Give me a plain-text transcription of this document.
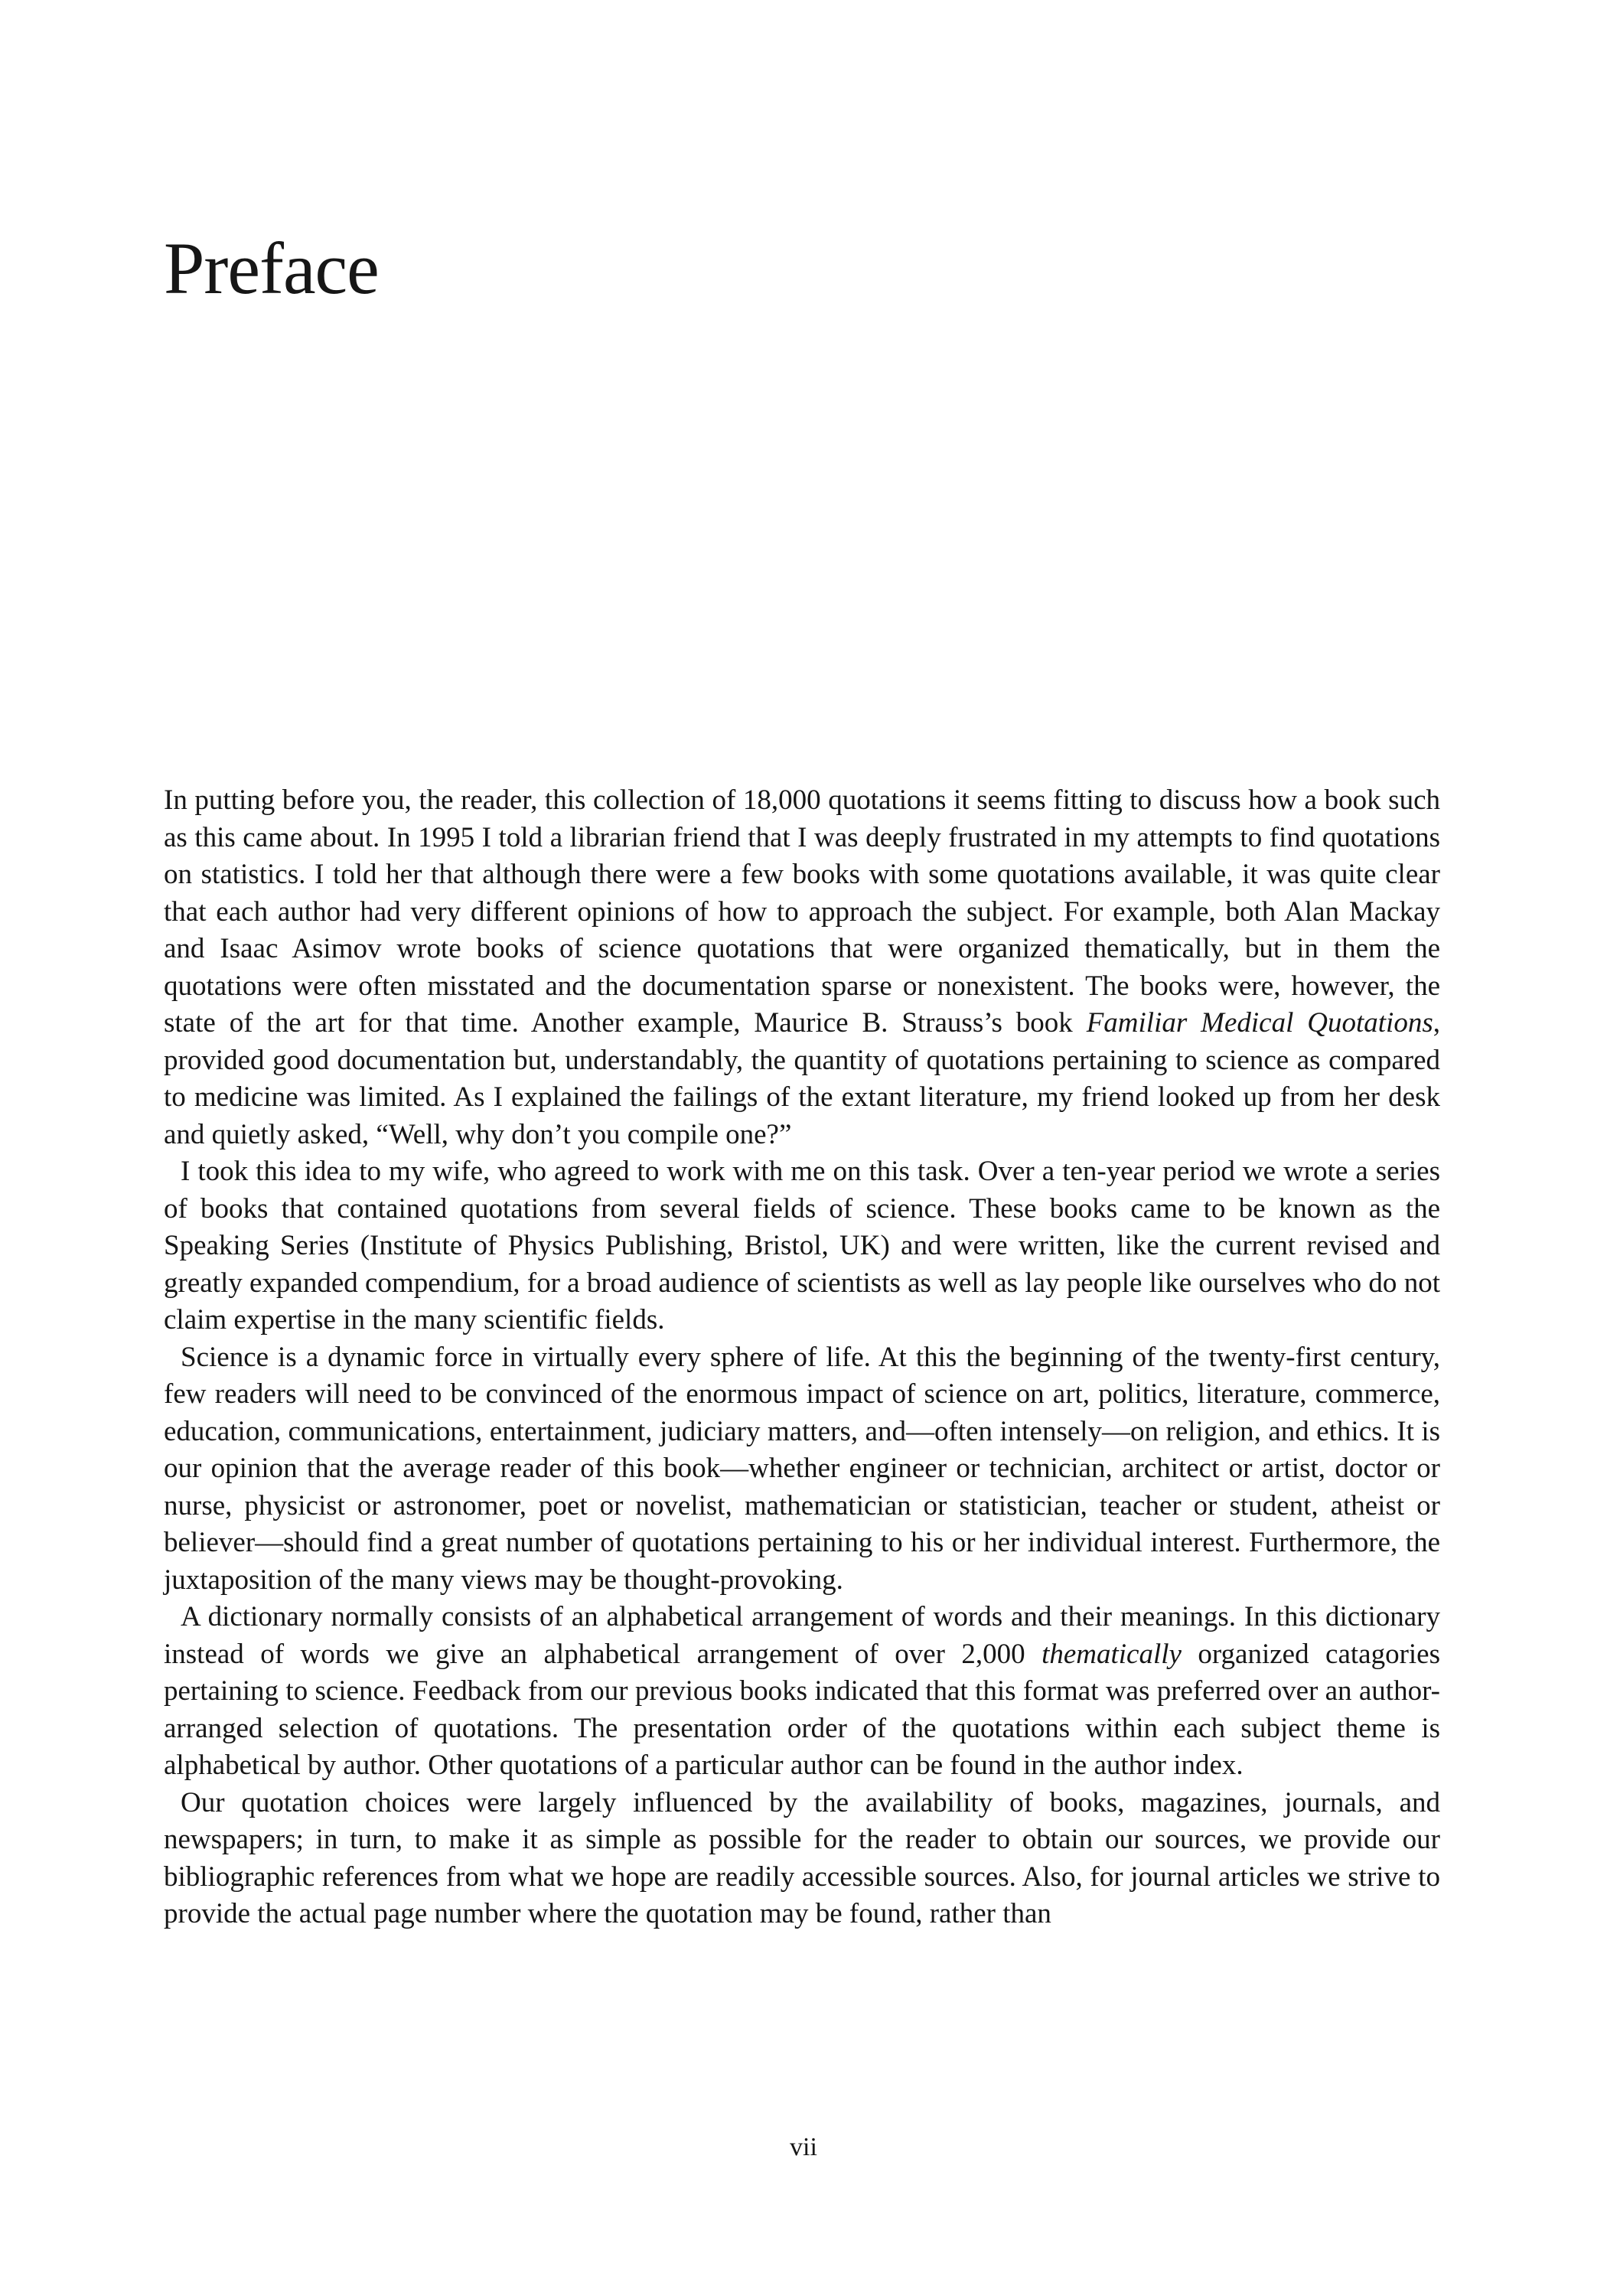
Preface

In putting before you, the reader, this collection of 18,000 quotations it seems fitting to discuss how a book such as this came about. In 1995 I told a librarian friend that I was deeply frustrated in my attempts to find quotations on statistics. I told her that although there were a few books with some quotations available, it was quite clear that each author had very different opinions of how to approach the subject. For example, both Alan Mackay and Isaac Asimov wrote books of science quotations that were organized thematically, but in them the quotations were often misstated and the documentation sparse or nonexistent. The books were, however, the state of the art for that time. Another example, Maurice B. Strauss’s book Familiar Medical Quotations, provided good documentation but, understandably, the quantity of quotations pertaining to science as compared to medicine was limited. As I explained the failings of the extant literature, my friend looked up from her desk and quietly asked, “Well, why don’t you compile one?”

I took this idea to my wife, who agreed to work with me on this task. Over a ten-year period we wrote a series of books that contained quotations from several fields of science. These books came to be known as the Speaking Series (Institute of Physics Publishing, Bristol, UK) and were written, like the current revised and greatly expanded compendium, for a broad audience of scientists as well as lay people like ourselves who do not claim expertise in the many scientific fields.

Science is a dynamic force in virtually every sphere of life. At this the beginning of the twenty-first century, few readers will need to be convinced of the enormous impact of science on art, politics, literature, commerce, education, communications, entertainment, judiciary matters, and—often intensely—on religion, and ethics. It is our opinion that the average reader of this book—whether engineer or technician, architect or artist, doctor or nurse, physicist or astronomer, poet or novelist, mathematician or statistician, teacher or student, atheist or believer—should find a great number of quotations pertaining to his or her individual interest. Furthermore, the juxtaposition of the many views may be thought-provoking.

A dictionary normally consists of an alphabetical arrangement of words and their meanings. In this dictionary instead of words we give an alphabetical arrangement of over 2,000 thematically organized catagories pertaining to science. Feedback from our previous books indicated that this format was preferred over an author-arranged selection of quotations. The presentation order of the quotations within each subject theme is alphabetical by author. Other quotations of a particular author can be found in the author index.

Our quotation choices were largely influenced by the availability of books, magazines, journals, and newspapers; in turn, to make it as simple as possible for the reader to obtain our sources, we provide our bibliographic references from what we hope are readily accessible sources. Also, for journal articles we strive to provide the actual page number where the quotation may be found, rather than

vii
